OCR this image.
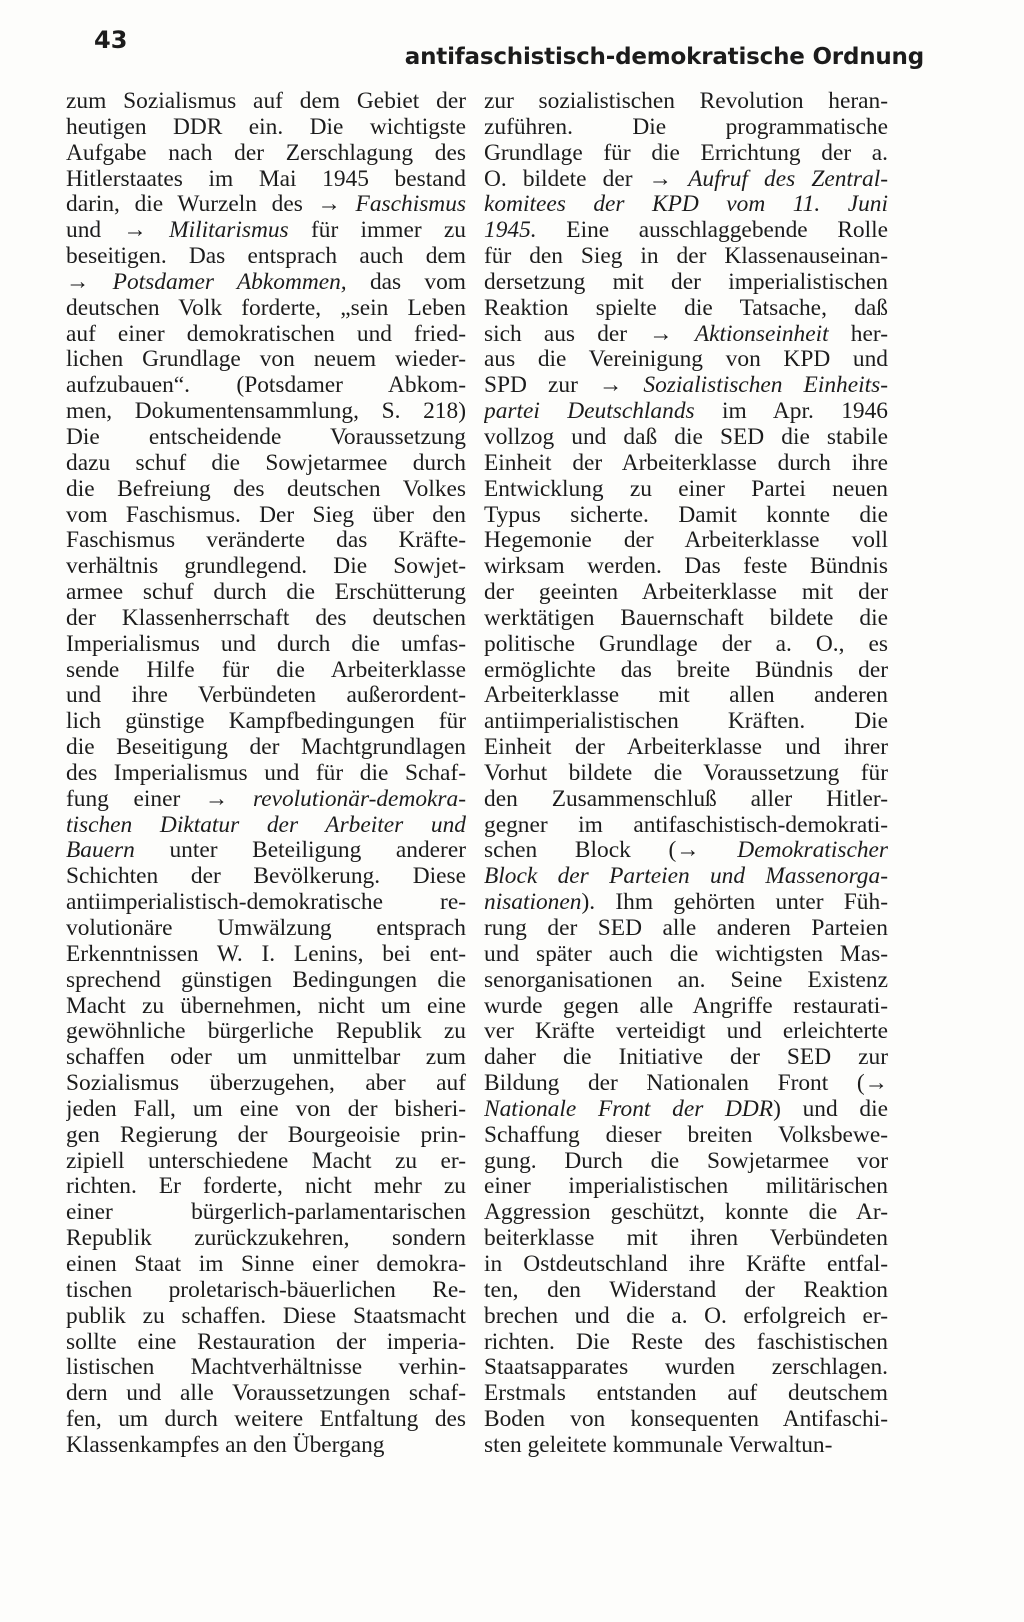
43
antifaschistisch-demokratische Ordnung
zum Sozialismus auf dem Gebiet der
heutigen DDR ein. Die wichtigste
Aufgabe nach der Zerschlagung des
Hitlerstaates im Mai 1945 bestand
darin, die Wurzeln des → Faschismus
und → Militarismus für immer zu
beseitigen. Das entsprach auch dem
→ Potsdamer Abkommen, das vom
deutschen Volk forderte, „sein Leben
auf einer demokratischen und fried-
lichen Grundlage von neuem wieder-
aufzubauen“. (Potsdamer Abkom-
men, Dokumentensammlung, S. 218)
Die entscheidende Voraussetzung
dazu schuf die Sowjetarmee durch
die Befreiung des deutschen Volkes
vom Faschismus. Der Sieg über den
Faschismus veränderte das Kräfte-
verhältnis grundlegend. Die Sowjet-
armee schuf durch die Erschütterung
der Klassenherrschaft des deutschen
Imperialismus und durch die umfas-
sende Hilfe für die Arbeiterklasse
und ihre Verbündeten außerordent-
lich günstige Kampfbedingungen für
die Beseitigung der Machtgrundlagen
des Imperialismus und für die Schaf-
fung einer → revolutionär-demokra-
tischen Diktatur der Arbeiter und
Bauern unter Beteiligung anderer
Schichten der Bevölkerung. Diese
antiimperialistisch-demokratische re-
volutionäre Umwälzung entsprach
Erkenntnissen W. I. Lenins, bei ent-
sprechend günstigen Bedingungen die
Macht zu übernehmen, nicht um eine
gewöhnliche bürgerliche Republik zu
schaffen oder um unmittelbar zum
Sozialismus überzugehen, aber auf
jeden Fall, um eine von der bisheri-
gen Regierung der Bourgeoisie prin-
zipiell unterschiedene Macht zu er-
richten. Er forderte, nicht mehr zu
einer bürgerlich-parlamentarischen
Republik zurückzukehren, sondern
einen Staat im Sinne einer demokra-
tischen proletarisch-bäuerlichen Re-
publik zu schaffen. Diese Staatsmacht
sollte eine Restauration der imperia-
listischen Machtverhältnisse verhin-
dern und alle Voraussetzungen schaf-
fen, um durch weitere Entfaltung des
Klassenkampfes an den Übergang
zur sozialistischen Revolution heran-
zuführen. Die programmatische
Grundlage für die Errichtung der a.
O. bildete der → Aufruf des Zentral-
komitees der KPD vom 11. Juni
1945. Eine ausschlaggebende Rolle
für den Sieg in der Klassenauseinan-
dersetzung mit der imperialistischen
Reaktion spielte die Tatsache, daß
sich aus der → Aktionseinheit her-
aus die Vereinigung von KPD und
SPD zur → Sozialistischen Einheits-
partei Deutschlands im Apr. 1946
vollzog und daß die SED die stabile
Einheit der Arbeiterklasse durch ihre
Entwicklung zu einer Partei neuen
Typus sicherte. Damit konnte die
Hegemonie der Arbeiterklasse voll
wirksam werden. Das feste Bündnis
der geeinten Arbeiterklasse mit der
werktätigen Bauernschaft bildete die
politische Grundlage der a. O., es
ermöglichte das breite Bündnis der
Arbeiterklasse mit allen anderen
antiimperialistischen Kräften. Die
Einheit der Arbeiterklasse und ihrer
Vorhut bildete die Voraussetzung für
den Zusammenschluß aller Hitler-
gegner im antifaschistisch-demokrati-
schen Block (→ Demokratischer
Block der Parteien und Massenorga-
nisationen). Ihm gehörten unter Füh-
rung der SED alle anderen Parteien
und später auch die wichtigsten Mas-
senorganisationen an. Seine Existenz
wurde gegen alle Angriffe restaurati-
ver Kräfte verteidigt und erleichterte
daher die Initiative der SED zur
Bildung der Nationalen Front (→
Nationale Front der DDR) und die
Schaffung dieser breiten Volksbewe-
gung. Durch die Sowjetarmee vor
einer imperialistischen militärischen
Aggression geschützt, konnte die Ar-
beiterklasse mit ihren Verbündeten
in Ostdeutschland ihre Kräfte entfal-
ten, den Widerstand der Reaktion
brechen und die a. O. erfolgreich er-
richten. Die Reste des faschistischen
Staatsapparates wurden zerschlagen.
Erstmals entstanden auf deutschem
Boden von konsequenten Antifaschi-
sten geleitete kommunale Verwaltun-
